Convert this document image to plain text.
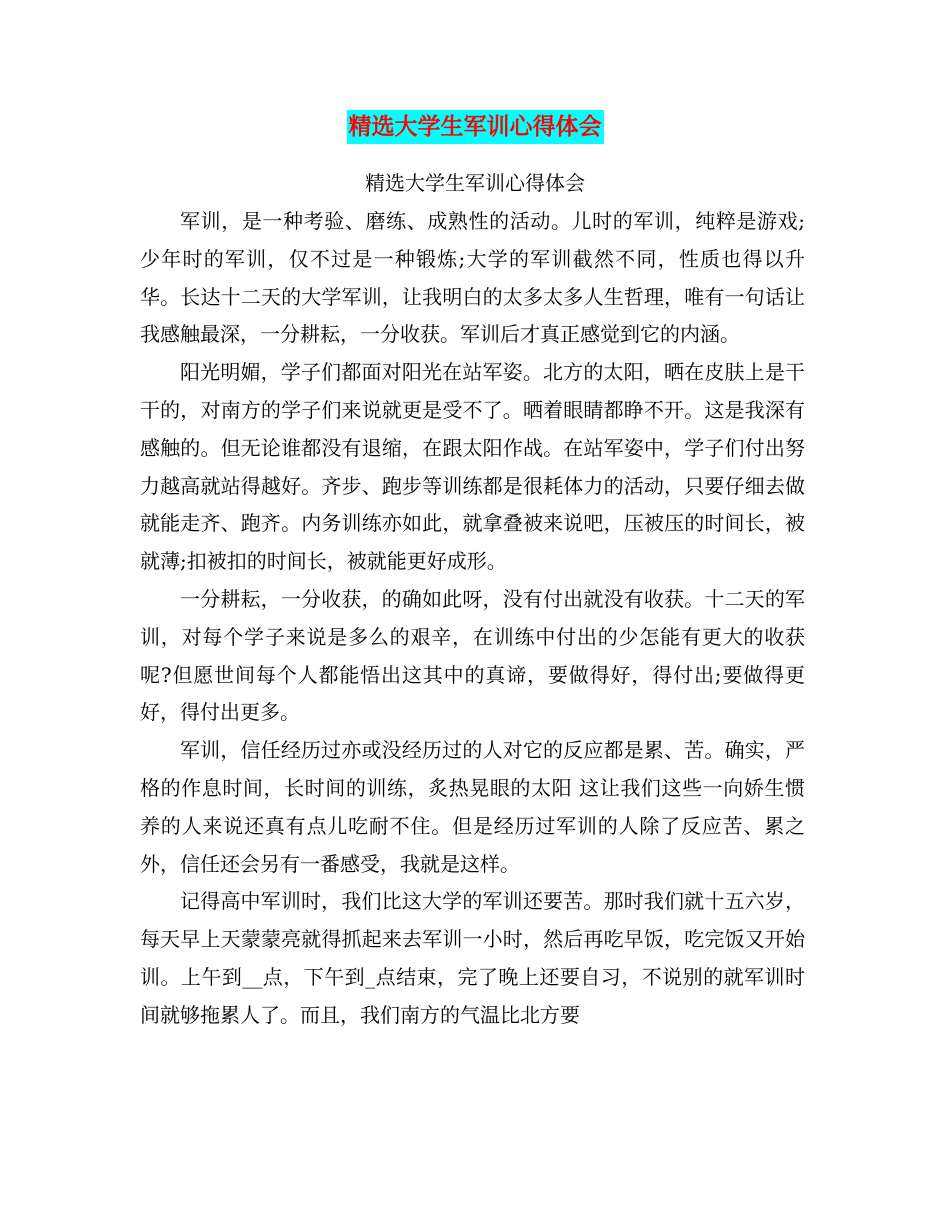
精选大学生军训心得体会
精选大学生军训心得体会

军训，是一种考验、磨练、成熟性的活动。儿时的军训，纯粹是游戏;少年时的军训，仅不过是一种锻炼;大学的军训截然不同，性质也得以升华。长达十二天的大学军训，让我明白的太多太多人生哲理，唯有一句话让我感触最深，一分耕耘，一分收获。军训后才真正感觉到它的内涵。

阳光明媚，学子们都面对阳光在站军姿。北方的太阳，晒在皮肤上是干干的，对南方的学子们来说就更是受不了。晒着眼睛都睁不开。这是我深有感触的。但无论谁都没有退缩，在跟太阳作战。在站军姿中，学子们付出努力越高就站得越好。齐步、跑步等训练都是很耗体力的活动，只要仔细去做就能走齐、跑齐。内务训练亦如此，就拿叠被来说吧，压被压的时间长，被就薄;扣被扣的时间长，被就能更好成形。

一分耕耘，一分收获，的确如此呀，没有付出就没有收获。十二天的军训，对每个学子来说是多么的艰辛，在训练中付出的少怎能有更大的收获呢?但愿世间每个人都能悟出这其中的真谛，要做得好，得付出;要做得更好，得付出更多。

军训，信任经历过亦或没经历过的人对它的反应都是累、苦。确实，严格的作息时间，长时间的训练，炙热晃眼的太阳 这让我们这些一向娇生惯养的人来说还真有点儿吃耐不住。但是经历过军训的人除了反应苦、累之外，信任还会另有一番感受，我就是这样。

记得高中军训时，我们比这大学的军训还要苦。那时我们就十五六岁，每天早上天蒙蒙亮就得抓起来去军训一小时，然后再吃早饭，吃完饭又开始训。上午到__点，下午到_点结束，完了晚上还要自习，不说别的就军训时间就够拖累人了。而且，我们南方的气温比北方要
